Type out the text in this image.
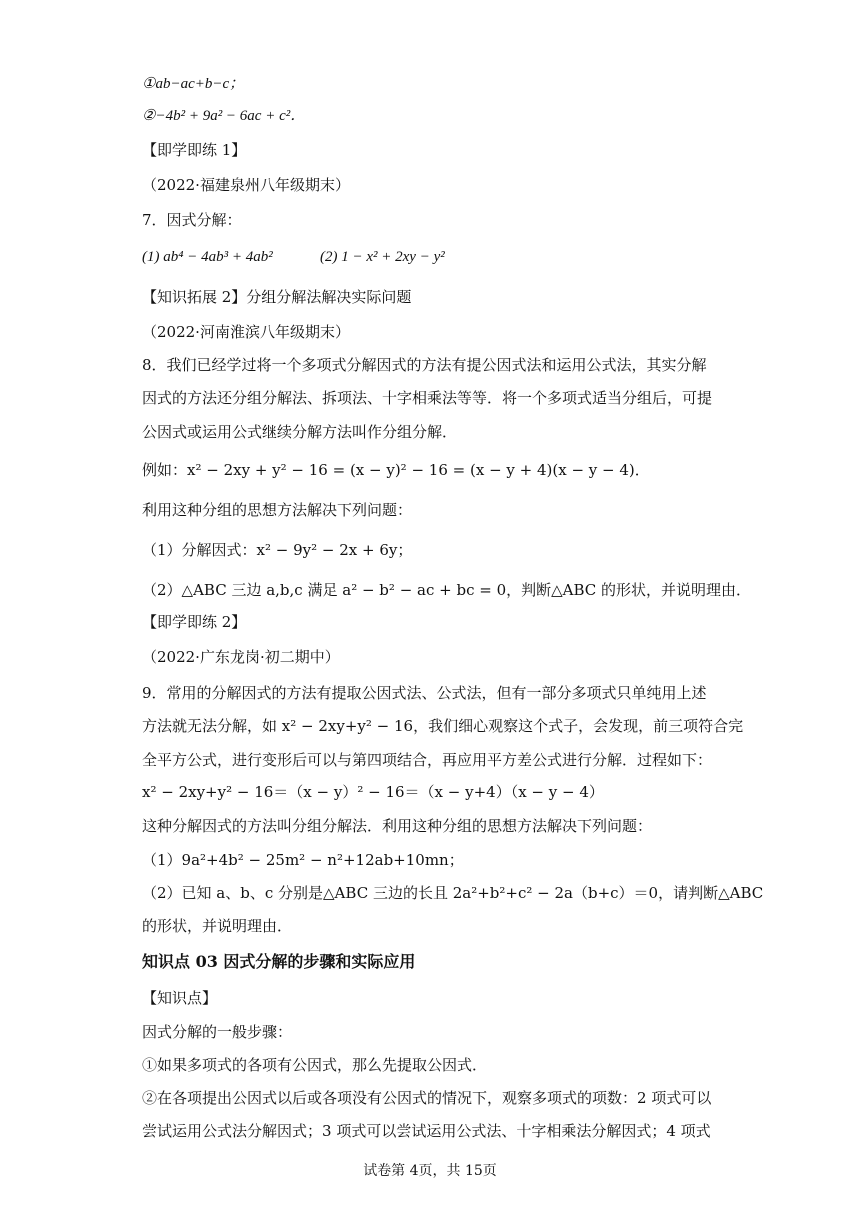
①ab−ac+b−c；
②−4b² + 9a² − 6ac + c²．
【即学即练 1】
（2022·福建泉州八年级期末）
7．因式分解：
(1) ab⁴ − 4ab³ + 4ab²	(2) 1 − x² + 2xy − y²
【知识拓展 2】分组分解法解决实际问题
（2022·河南淮滨八年级期末）
8．我们已经学过将一个多项式分解因式的方法有提公因式法和运用公式法，其实分解
因式的方法还分组分解法、拆项法、十字相乘法等等．将一个多项式适当分组后，可提
公因式或运用公式继续分解方法叫作分组分解．
例如：x² − 2xy + y² − 16 = (x − y)² − 16 = (x − y + 4)(x − y − 4)．
利用这种分组的思想方法解决下列问题：
（1）分解因式：x² − 9y² − 2x + 6y；
（2）△ABC 三边 a,b,c 满足 a² − b² − ac + bc = 0，判断△ABC 的形状，并说明理由．
【即学即练 2】
（2022·广东龙岗·初二期中）
9．常用的分解因式的方法有提取公因式法、公式法，但有一部分多项式只单纯用上述
方法就无法分解，如 x² − 2xy+y² − 16，我们细心观察这个式子，会发现，前三项符合完
全平方公式，进行变形后可以与第四项结合，再应用平方差公式进行分解．过程如下：
x² − 2xy+y² − 16＝（x − y）² − 16＝（x − y+4）（x − y − 4）
这种分解因式的方法叫分组分解法．利用这种分组的思想方法解决下列问题：
（1）9a²+4b² − 25m² − n²+12ab+10mn；
（2）已知 a、b、c 分别是△ABC 三边的长且 2a²+b²+c² − 2a（b+c）＝0，请判断△ABC
的形状，并说明理由．
知识点 03 因式分解的步骤和实际应用
【知识点】
因式分解的一般步骤：
①如果多项式的各项有公因式，那么先提取公因式．
②在各项提出公因式以后或各项没有公因式的情况下，观察多项式的项数：2 项式可以
尝试运用公式法分解因式；3 项式可以尝试运用公式法、十字相乘法分解因式；4 项式
试卷第 4页，共 15页
